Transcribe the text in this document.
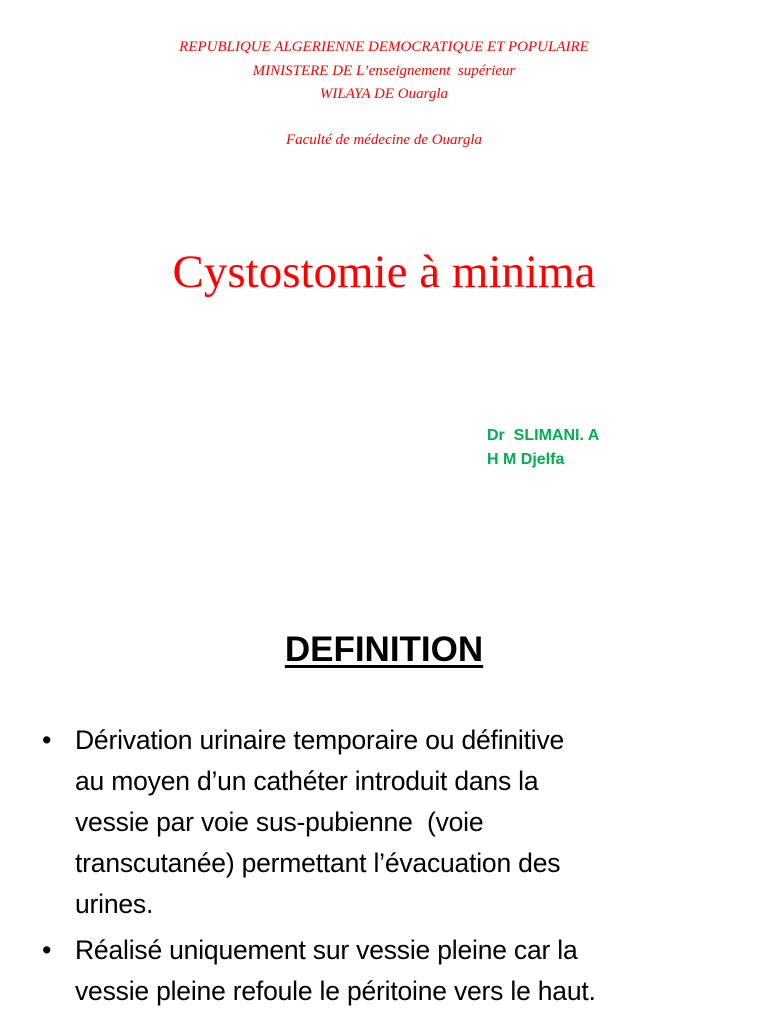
REPUBLIQUE ALGERIENNE DEMOCRATIQUE ET POPULAIRE
MINISTERE DE L’enseignement  supérieur
WILAYA DE Ouargla
Faculté de médecine de Ouargla
Cystostomie à minima
Dr  SLIMANI. A
H M Djelfa
DEFINITION
• Dérivation urinaire temporaire ou définitive
au moyen d’un cathéter introduit dans la
vessie par voie sus-pubienne  (voie
transcutanée) permettant l’évacuation des
urines.
• Réalisé uniquement sur vessie pleine car la
vessie pleine refoule le péritoine vers le haut.
